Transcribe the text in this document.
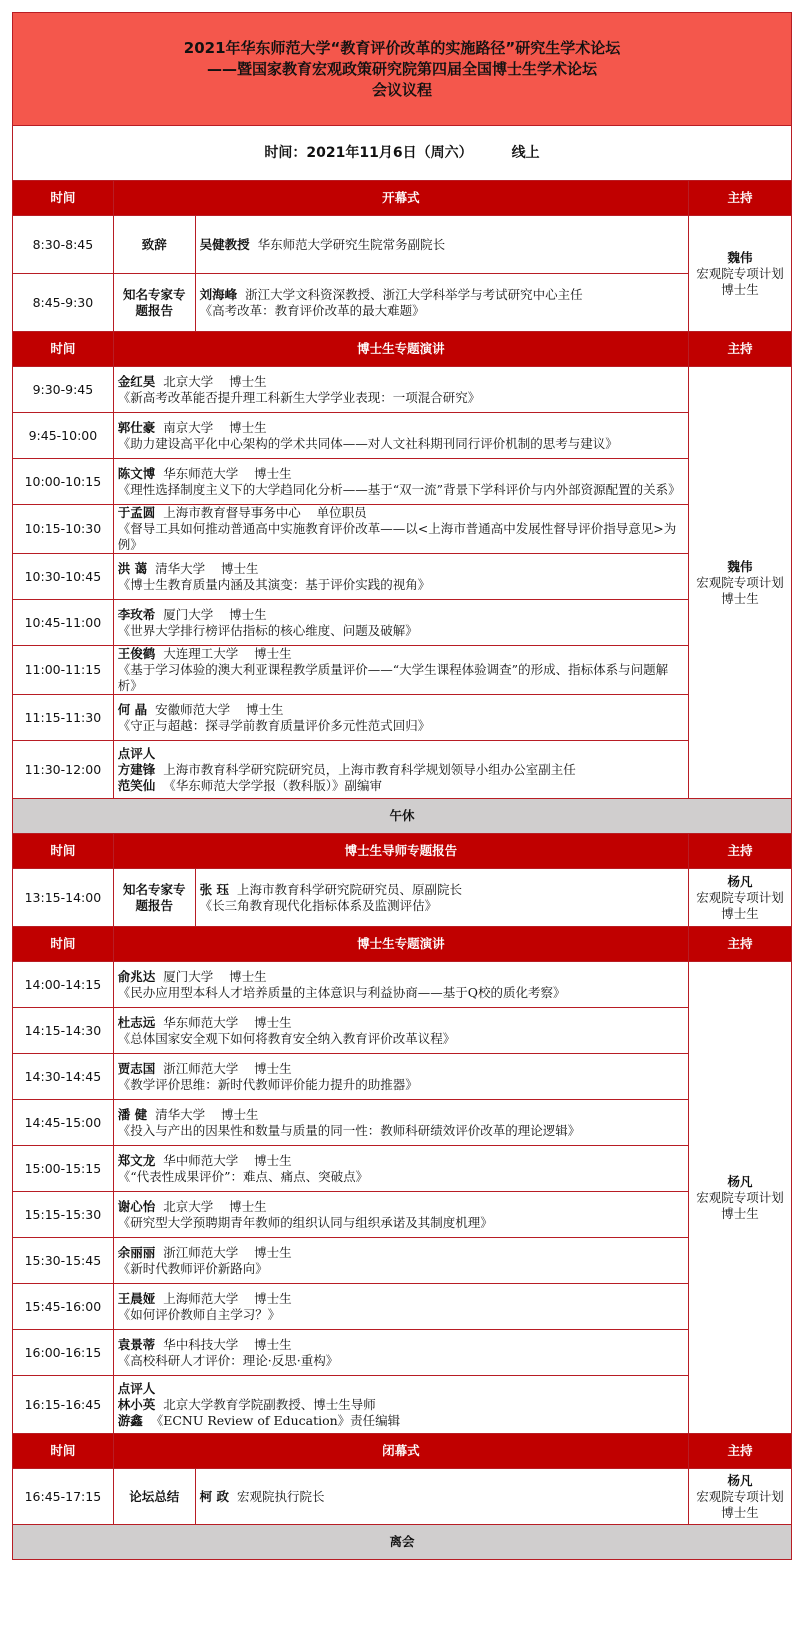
2021年华东师范大学“教育评价改革的实施路径”研究生学术论坛
——暨国家教育宏观政策研究院第四届全国博士生学术论坛
会议议程			

时间：2021年11月6日（周六）        线上			
时间	开幕式		主持
8:30-8:45	致辞	吴健教授  华东师范大学研究生院常务副院长	魏伟
宏观院专项计划 博士生
8:45-9:30	知名专家专题报告	刘海峰  浙江大学文科资深教授、浙江大学科举学与考试研究中心主任
《高考改革：教育评价改革的最大难题》	

时间	博士生专题演讲		主持
9:30-9:45	金红昊  北京大学    博士生
《新高考改革能否提升理工科新生大学学业表现：一项混合研究》		魏伟
宏观院专项计划 博士生
9:45-10:00	郭仕豪  南京大学    博士生
《助力建设高平化中心架构的学术共同体——对人文社科期刊同行评价机制的思考与建议》		

10:00-10:15	陈文博  华东师范大学    博士生
《理性选择制度主义下的大学趋同化分析——基于“双一流”背景下学科评价与内外部资源配置的关系》		

10:15-10:30	于孟圆  上海市教育督导事务中心    单位职员
《督导工具如何推动普通高中实施教育评价改革——以<上海市普通高中发展性督导评价指导意见>为例》		

10:30-10:45	洪 蔼  清华大学    博士生
《博士生教育质量内涵及其演变：基于评价实践的视角》		

10:45-11:00	李玫希  厦门大学    博士生
《世界大学排行榜评估指标的核心维度、问题及破解》		

11:00-11:15	王俊鹤  大连理工大学    博士生
《基于学习体验的澳大利亚课程教学质量评价——“大学生课程体验调查”的形成、指标体系与问题解析》		

11:15-11:30	何 晶  安徽师范大学    博士生
《守正与超越：探寻学前教育质量评价多元性范式回归》		

11:30-12:00	点评人
方建锋  上海市教育科学研究院研究员，上海市教育科学规划领导小组办公室副主任
范笑仙  《华东师范大学学报（教科版）》副编审		

午休			
时间	博士生导师专题报告		主持
13:15-14:00	知名专家专题报告	张 珏  上海市教育科学研究院研究员、原副院长
《长三角教育现代化指标体系及监测评估》	杨凡
宏观院专项计划 博士生
时间	博士生专题演讲		主持
14:00-14:15	俞兆达  厦门大学    博士生
《民办应用型本科人才培养质量的主体意识与利益协商——基于Q校的质化考察》		杨凡
宏观院专项计划 博士生
14:15-14:30	杜志远  华东师范大学    博士生
《总体国家安全观下如何将教育安全纳入教育评价改革议程》		

14:30-14:45	贾志国  浙江师范大学    博士生
《教学评价思维：新时代教师评价能力提升的助推器》		

14:45-15:00	潘 健  清华大学    博士生
《投入与产出的因果性和数量与质量的同一性：教师科研绩效评价改革的理论逻辑》		

15:00-15:15	郑文龙  华中师范大学    博士生
《“代表性成果评价”：难点、痛点、突破点》		

15:15-15:30	谢心怡  北京大学    博士生
《研究型大学预聘期青年教师的组织认同与组织承诺及其制度机理》		

15:30-15:45	余丽丽  浙江师范大学    博士生
《新时代教师评价新路向》		

15:45-16:00	王晨娅  上海师范大学    博士生
《如何评价教师自主学习？》		

16:00-16:15	袁景蒂  华中科技大学    博士生
《高校科研人才评价：理论·反思·重构》		

16:15-16:45	点评人
林小英  北京大学教育学院副教授、博士生导师
游鑫  《ECNU Review of Education》责任编辑		

时间	闭幕式		主持
16:45-17:15	论坛总结	柯 政  宏观院执行院长	杨凡
宏观院专项计划 博士生
离会			
